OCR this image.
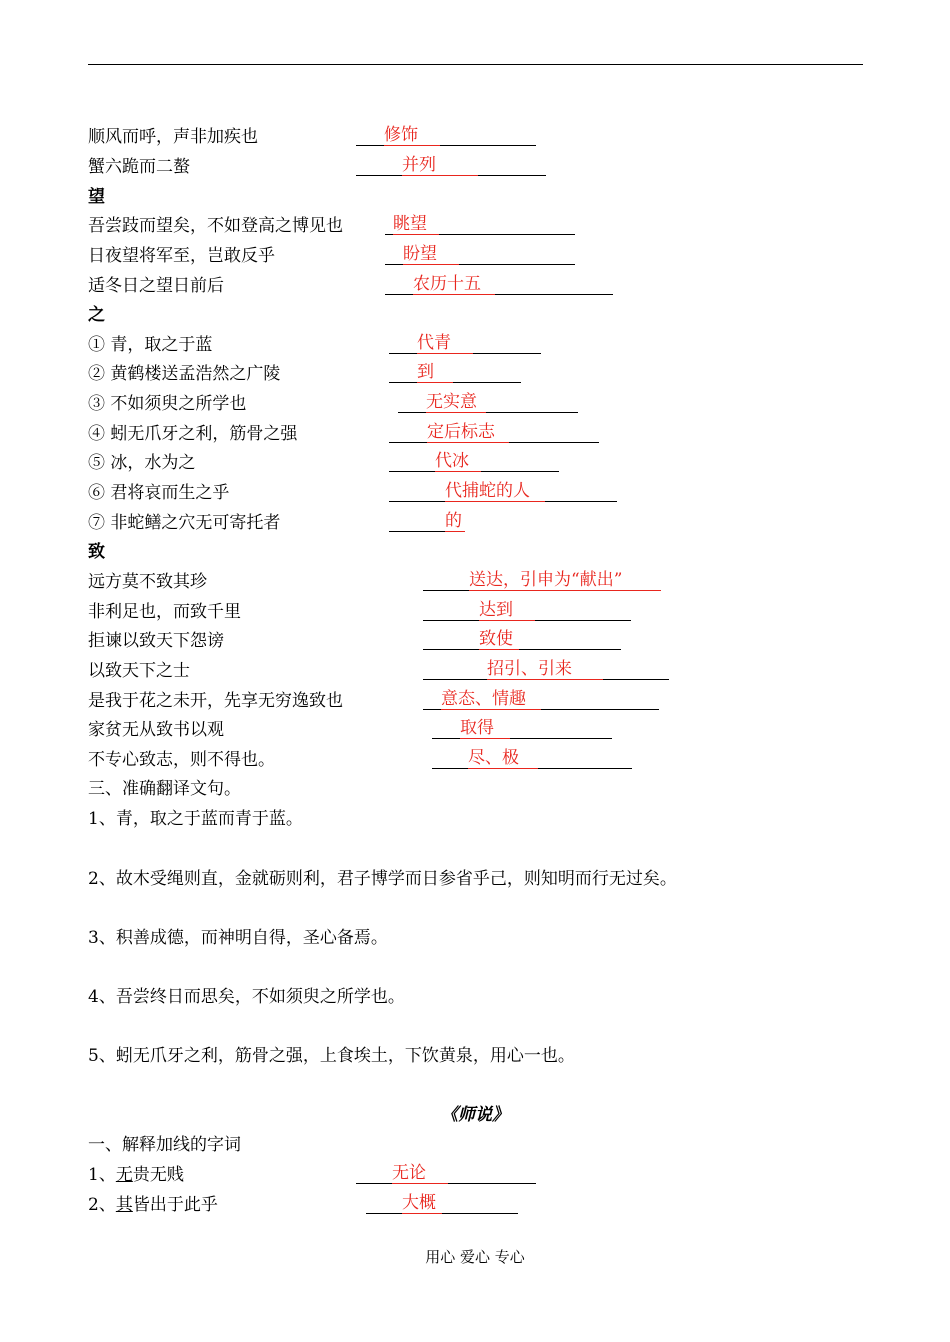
顺风而呼，声非加疾也	修饰
蟹六跪而二螯	并列
望
吾尝跂而望矣，不如登高之博见也	眺望
日夜望将军至，岂敢反乎	盼望
适冬日之望日前后	农历十五
之
① 青，取之于蓝	代青
② 黄鹤楼送孟浩然之广陵	到
③ 不如须臾之所学也	无实意
④ 蚓无爪牙之利，筋骨之强	定后标志
⑤ 冰，水为之	代冰
⑥ 君将哀而生之乎	代捕蛇的人
⑦ 非蛇鳝之穴无可寄托者	的
致
远方莫不致其珍	送达，引申为“献出”
非利足也，而致千里	达到
拒谏以致天下怨谤	致使
以致天下之士	招引、引来
是我于花之未开，先享无穷逸致也	意态、情趣
家贫无从致书以观	取得
不专心致志，则不得也。	尽、极
三、准确翻译文句。
1、青，取之于蓝而青于蓝。
2、故木受绳则直，金就砺则利，君子博学而日参省乎己，则知明而行无过矣。
3、积善成德，而神明自得，圣心备焉。
4、吾尝终日而思矣，不如须臾之所学也。
5、蚓无爪牙之利，筋骨之强，上食埃土，下饮黄泉，用心一也。
《师说》
一、解释加线的字词
1、无贵无贱	无论
2、其皆出于此乎	大概
用心 爱心 专心
